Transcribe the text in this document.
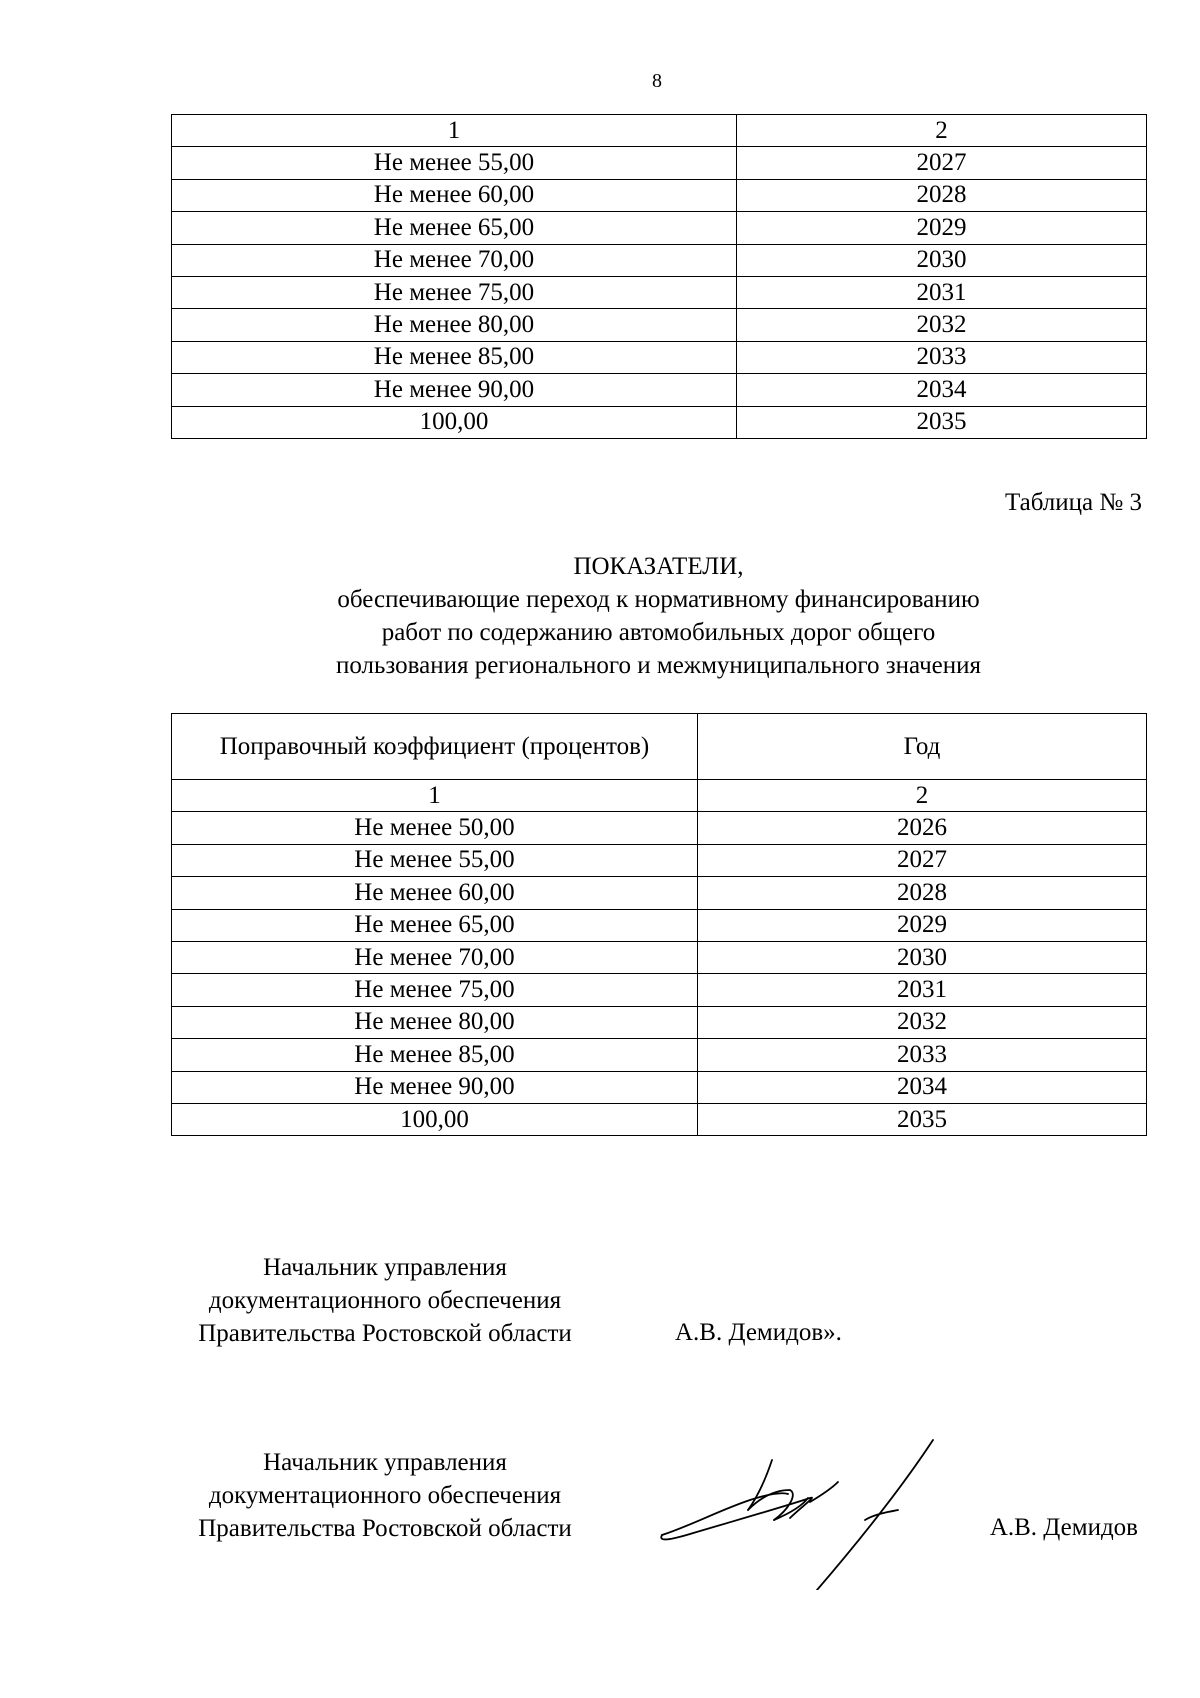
8
1	2
Не менее 55,00	2027
Не менее 60,00	2028
Не менее 65,00	2029
Не менее 70,00	2030
Не менее 75,00	2031
Не менее 80,00	2032
Не менее 85,00	2033
Не менее 90,00	2034
100,00	2035
Таблица № 3
ПОКАЗАТЕЛИ,
обеспечивающие переход к нормативному финансированию
работ по содержанию автомобильных дорог общего
пользования регионального и межмуниципального значения
Поправочный коэффициент (процентов)	Год
1	2
Не менее 50,00	2026
Не менее 55,00	2027
Не менее 60,00	2028
Не менее 65,00	2029
Не менее 70,00	2030
Не менее 75,00	2031
Не менее 80,00	2032
Не менее 85,00	2033
Не менее 90,00	2034
100,00	2035
Начальник управления
документационного обеспечения
Правительства Ростовской области	А.В. Демидов».
Начальник управления
документационного обеспечения
Правительства Ростовской области	А.В. Демидов
